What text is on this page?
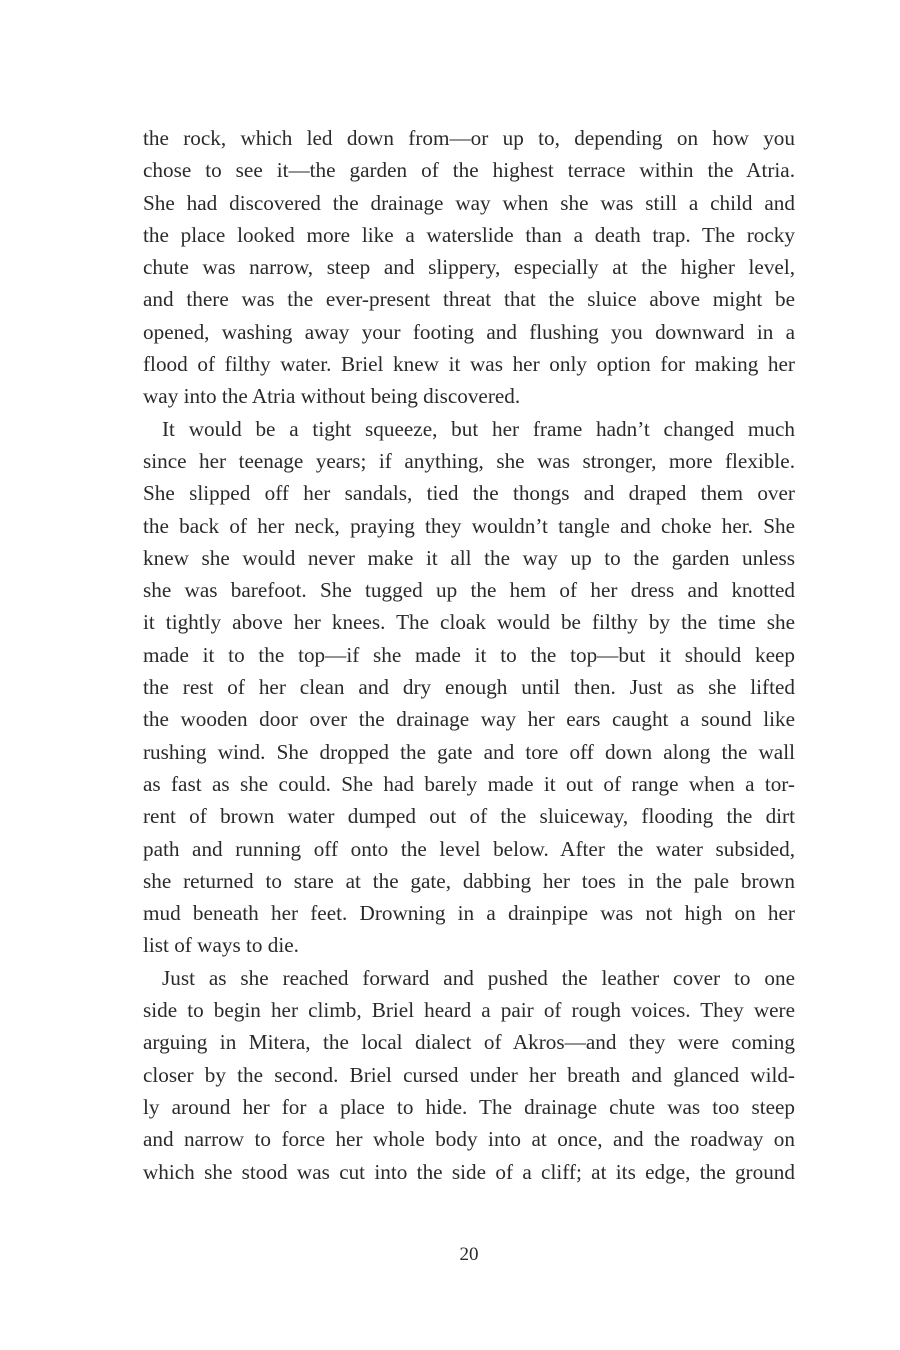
the rock, which led down from—or up to, depending on how you
chose to see it—the garden of the highest terrace within the Atria.
She had discovered the drainage way when she was still a child and
the place looked more like a waterslide than a death trap. The rocky
chute was narrow, steep and slippery, especially at the higher level,
and there was the ever-present threat that the sluice above might be
opened, washing away your footing and flushing you downward in a
flood of filthy water. Briel knew it was her only option for making her
way into the Atria without being discovered.
It would be a tight squeeze, but her frame hadn’t changed much
since her teenage years; if anything, she was stronger, more flexible.
She slipped off her sandals, tied the thongs and draped them over
the back of her neck, praying they wouldn’t tangle and choke her. She
knew she would never make it all the way up to the garden unless
she was barefoot. She tugged up the hem of her dress and knotted
it tightly above her knees. The cloak would be filthy by the time she
made it to the top—if she made it to the top—but it should keep
the rest of her clean and dry enough until then. Just as she lifted
the wooden door over the drainage way her ears caught a sound like
rushing wind. She dropped the gate and tore off down along the wall
as fast as she could. She had barely made it out of range when a tor-
rent of brown water dumped out of the sluiceway, flooding the dirt
path and running off onto the level below. After the water subsided,
she returned to stare at the gate, dabbing her toes in the pale brown
mud beneath her feet. Drowning in a drainpipe was not high on her
list of ways to die.
Just as she reached forward and pushed the leather cover to one
side to begin her climb, Briel heard a pair of rough voices. They were
arguing in Mitera, the local dialect of Akros—and they were coming
closer by the second. Briel cursed under her breath and glanced wild-
ly around her for a place to hide. The drainage chute was too steep
and narrow to force her whole body into at once, and the roadway on
which she stood was cut into the side of a cliff; at its edge, the ground
20
